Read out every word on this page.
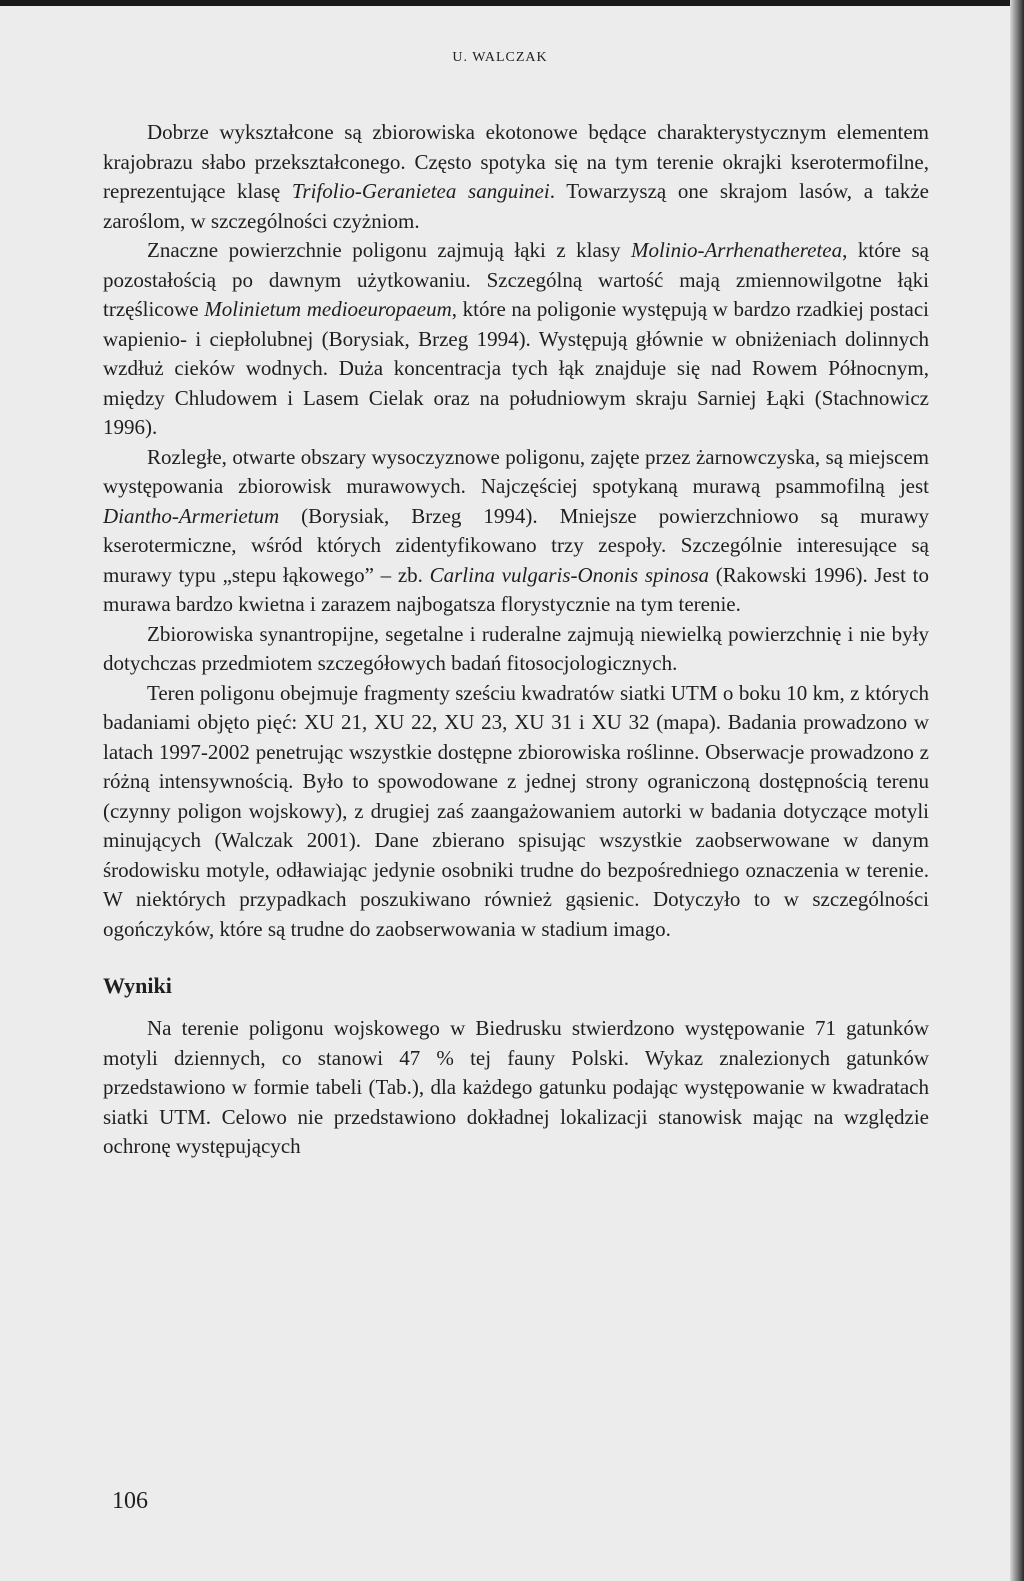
U. WALCZAK

Dobrze wykształcone są zbiorowiska ekotonowe będące charakterystycznym elementem krajobrazu słabo przekształconego. Często spotyka się na tym terenie okrajki kserotermofilne, reprezentujące klasę Trifolio-Geranietea sanguinei. Towarzyszą one skrajom lasów, a także zaroślom, w szczególności czyżniom.

Znaczne powierzchnie poligonu zajmują łąki z klasy Molinio-Arrhenatheretea, które są pozostałością po dawnym użytkowaniu. Szczególną wartość mają zmiennowilgotne łąki trzęślicowe Molinietum medioeuropaeum, które na poligonie występują w bardzo rzadkiej postaci wapienio- i ciepłolubnej (Borysiak, Brzeg 1994). Występują głównie w obniżeniach dolinnych wzdłuż cieków wodnych. Duża koncentracja tych łąk znajduje się nad Rowem Północnym, między Chludowem i Lasem Cielak oraz na południowym skraju Sarniej Łąki (Stachnowicz 1996).

Rozległe, otwarte obszary wysoczyznowe poligonu, zajęte przez żarnowczyska, są miejscem występowania zbiorowisk murawowych. Najczęściej spotykaną murawą psammofilną jest Diantho-Armerietum (Borysiak, Brzeg 1994). Mniejsze powierzchniowo są murawy kserotermiczne, wśród których zidentyfikowano trzy zespoły. Szczególnie interesujące są murawy typu „stepu łąkowego” – zb. Carlina vulgaris-Ononis spinosa (Rakowski 1996). Jest to murawa bardzo kwietna i zarazem najbogatsza florystycznie na tym terenie.

Zbiorowiska synantropijne, segetalne i ruderalne zajmują niewielką powierzchnię i nie były dotychczas przedmiotem szczegółowych badań fitosocjologicznych.

Teren poligonu obejmuje fragmenty sześciu kwadratów siatki UTM o boku 10 km, z których badaniami objęto pięć: XU 21, XU 22, XU 23, XU 31 i XU 32 (mapa). Badania prowadzono w latach 1997-2002 penetrując wszystkie dostępne zbiorowiska roślinne. Obserwacje prowadzono z różną intensywnością. Było to spowodowane z jednej strony ograniczoną dostępnością terenu (czynny poligon wojskowy), z drugiej zaś zaangażowaniem autorki w badania dotyczące motyli minujących (Walczak 2001). Dane zbierano spisując wszystkie zaobserwowane w danym środowisku motyle, odławiając jedynie osobniki trudne do bezpośredniego oznaczenia w terenie. W niektórych przypadkach poszukiwano również gąsienic. Dotyczyło to w szczególności ogończyków, które są trudne do zaobserwowania w stadium imago.

Wyniki

Na terenie poligonu wojskowego w Biedrusku stwierdzono występowanie 71 gatunków motyli dziennych, co stanowi 47 % tej fauny Polski. Wykaz znalezionych gatunków przedstawiono w formie tabeli (Tab.), dla każdego gatunku podając występowanie w kwadratach siatki UTM. Celowo nie przedstawiono dokładnej lokalizacji stanowisk mając na względzie ochronę występujących

106
